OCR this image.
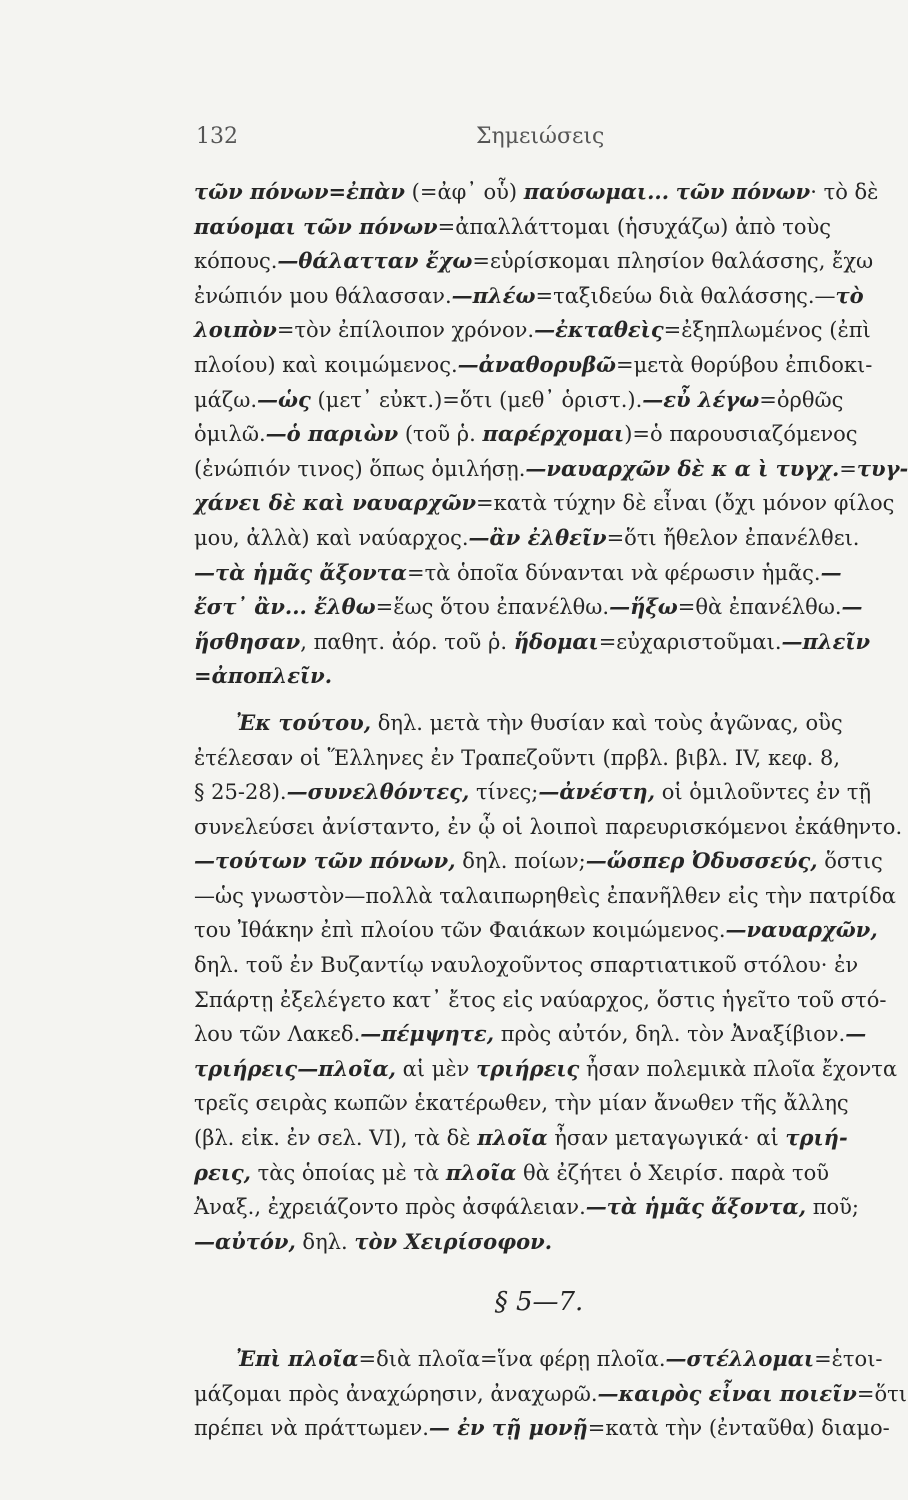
132	Σημειώσεις
τῶν πόνων=ἐπὰν (=ἀφ᾽ οὗ) παύσωμαι... τῶν πόνων· τὸ δὲ
παύομαι τῶν πόνων=ἀπαλλάττομαι (ἡσυχάζω) ἀπὸ τοὺς
κόπους.—θάλατταν ἔχω=εὑρίσκομαι πλησίον θαλάσσης, ἔχω
ἐνώπιόν μου θάλασσαν.—πλέω=ταξιδεύω διὰ θαλάσσης.—τὸ
λοιπὸν=τὸν ἐπίλοιπον χρόνον.—ἐκταθεὶς=ἐξηπλωμένος (ἐπὶ
πλοίου) καὶ κοιμώμενος.—ἀναθορυβῶ=μετὰ θορύβου ἐπιδοκι-
μάζω.—ὡς (μετ᾽ εὐκτ.)=ὅτι (μεθ᾽ ὁριστ.).—εὖ λέγω=ὀρθῶς
ὁμιλῶ.—ὁ παριὼν (τοῦ ῥ. παρέρχομαι)=ὁ παρουσιαζόμενος
(ἐνώπιόν τινος) ὅπως ὁμιλήσῃ.—ναυαρχῶν δὲ κ α ὶ τυγχ.=τυγ-
χάνει δὲ καὶ ναυαρχῶν=κατὰ τύχην δὲ εἶναι (ὄχι μόνον φίλος
μου, ἀλλὰ) καὶ ναύαρχος.—ἂν ἐλθεῖν=ὅτι ἤθελον ἐπανέλθει.
—τὰ ἡμᾶς ἄξοντα=τὰ ὁποῖα δύνανται νὰ φέρωσιν ἡμᾶς.—
ἔστ᾽ ἂν... ἔλθω=ἕως ὅτου ἐπανέλθω.—ἥξω=θὰ ἐπανέλθω.—
ἥσθησαν, παθητ. ἀόρ. τοῦ ῥ. ἥδομαι=εὐχαριστοῦμαι.—πλεῖν
=ἀποπλεῖν.
Ἐκ τούτου, δηλ. μετὰ τὴν θυσίαν καὶ τοὺς ἀγῶνας, οὓς
ἐτέλεσαν οἱ Ἕλληνες ἐν Τραπεζοῦντι (πρβλ. βιβλ. IV, κεφ. 8,
§ 25-28).—συνελθόντες, τίνες;—ἀνέστη, οἱ ὁμιλοῦντες ἐν τῇ
συνελεύσει ἀνίσταντο, ἐν ᾧ οἱ λοιποὶ παρευρισκόμενοι ἐκάθηντο.
—τούτων τῶν πόνων, δηλ. ποίων;—ὥσπερ Ὀδυσσεύς, ὅστις
—ὡς γνωστὸν—πολλὰ ταλαιπωρηθεὶς ἐπανῆλθεν εἰς τὴν πατρίδα
του Ἰθάκην ἐπὶ πλοίου τῶν Φαιάκων κοιμώμενος.—ναυαρχῶν,
δηλ. τοῦ ἐν Βυζαντίῳ ναυλοχοῦντος σπαρτιατικοῦ στόλου· ἐν
Σπάρτῃ ἐξελέγετο κατ᾽ ἔτος εἰς ναύαρχος, ὅστις ἡγεῖτο τοῦ στό-
λου τῶν Λακεδ.—πέμψητε, πρὸς αὐτόν, δηλ. τὸν Ἀναξίβιον.—
τριήρεις—πλοῖα, αἱ μὲν τριήρεις ἦσαν πολεμικὰ πλοῖα ἔχοντα
τρεῖς σειρὰς κωπῶν ἑκατέρωθεν, τὴν μίαν ἄνωθεν τῆς ἄλλης
(βλ. εἰκ. ἐν σελ. VI), τὰ δὲ πλοῖα ἦσαν μεταγωγικά· αἱ τριή-
ρεις, τὰς ὁποίας μὲ τὰ πλοῖα θὰ ἐζήτει ὁ Χειρίσ. παρὰ τοῦ
Ἀναξ., ἐχρειάζοντο πρὸς ἀσφάλειαν.—τὰ ἡμᾶς ἄξοντα, ποῦ;
—αὐτόν, δηλ. τὸν Χειρίσοφον.
§ 5—7.
Ἐπὶ πλοῖα=διὰ πλοῖα=ἵνα φέρῃ πλοῖα.—στέλλομαι=ἑτοι-
μάζομαι πρὸς ἀναχώρησιν, ἀναχωρῶ.—καιρὸς εἶναι ποιεῖν=ὅτι
πρέπει νὰ πράττωμεν.— ἐν τῇ μονῇ=κατὰ τὴν (ἐνταῦθα) διαμο-
